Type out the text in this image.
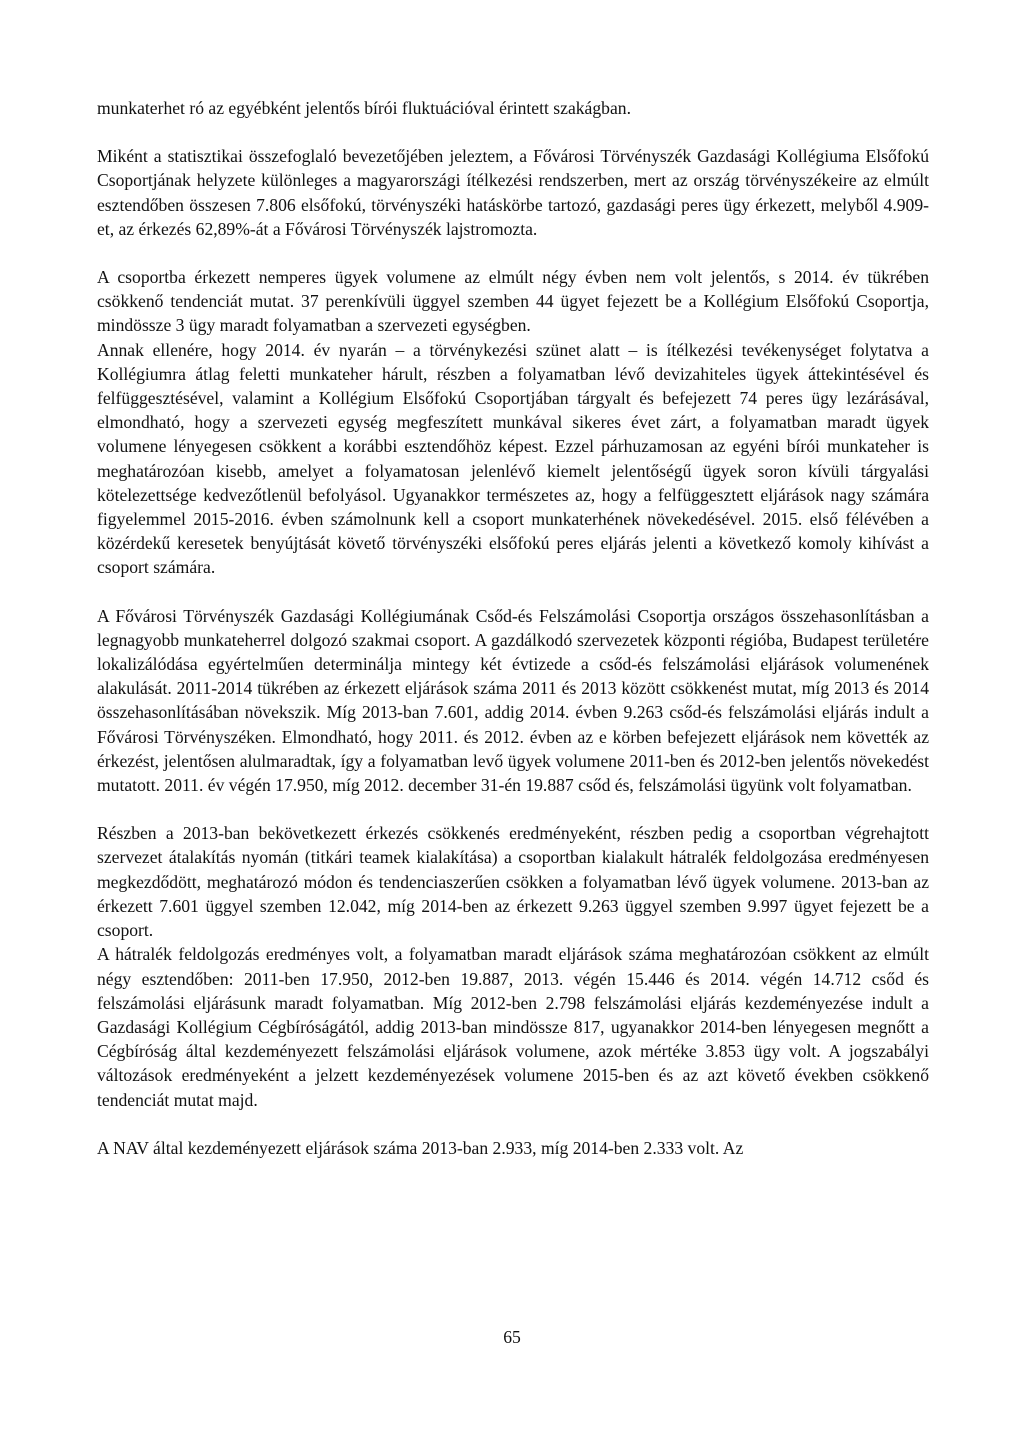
munkaterhet ró az egyébként jelentős bírói fluktuációval érintett szakágban.

Miként a statisztikai összefoglaló bevezetőjében jeleztem, a Fővárosi Törvényszék Gazdasági Kollégiuma Elsőfokú Csoportjának helyzete különleges a magyarországi ítélkezési rendszerben, mert az ország törvényszékeire az elmúlt esztendőben összesen 7.806 elsőfokú, törvényszéki hatáskörbe tartozó, gazdasági peres ügy érkezett, melyből 4.909-et, az érkezés 62,89%-át a Fővárosi Törvényszék lajstromozta.

A csoportba érkezett nemperes ügyek volumene az elmúlt négy évben nem volt jelentős, s 2014. év tükrében csökkenő tendenciát mutat. 37 perenkívüli üggyel szemben 44 ügyet fejezett be a Kollégium Elsőfokú Csoportja, mindössze 3 ügy maradt folyamatban a szervezeti egységben.

Annak ellenére, hogy 2014. év nyarán – a törvénykezési szünet alatt – is ítélkezési tevékenységet folytatva a Kollégiumra átlag feletti munkateher hárult, részben a folyamatban lévő devizahiteles ügyek áttekintésével és felfüggesztésével, valamint a Kollégium Elsőfokú Csoportjában tárgyalt és befejezett 74 peres ügy lezárásával, elmondható, hogy a szervezeti egység megfeszített munkával sikeres évet zárt, a folyamatban maradt ügyek volumene lényegesen csökkent a korábbi esztendőhöz képest. Ezzel párhuzamosan az egyéni bírói munkateher is meghatározóan kisebb, amelyet a folyamatosan jelenlévő kiemelt jelentőségű ügyek soron kívüli tárgyalási kötelezettsége kedvezőtlenül befolyásol. Ugyanakkor természetes az, hogy a felfüggesztett eljárások nagy számára figyelemmel 2015-2016. évben számolnunk kell a csoport munkaterhének növekedésével. 2015. első félévében a közérdekű keresetek benyújtását követő törvényszéki elsőfokú peres eljárás jelenti a következő komoly kihívást a csoport számára.

A Fővárosi Törvényszék Gazdasági Kollégiumának Csőd-és Felszámolási Csoportja országos összehasonlításban a legnagyobb munkateherrel dolgozó szakmai csoport. A gazdálkodó szervezetek központi régióba, Budapest területére lokalizálódása egyértelműen determinálja mintegy két évtizede a csőd-és felszámolási eljárások volumenének alakulását. 2011-2014 tükrében az érkezett eljárások száma 2011 és 2013 között csökkenést mutat, míg 2013 és 2014 összehasonlításában növekszik. Míg 2013-ban 7.601, addig 2014. évben 9.263 csőd-és felszámolási eljárás indult a Fővárosi Törvényszéken. Elmondható, hogy 2011. és 2012. évben az e körben befejezett eljárások nem követték az érkezést, jelentősen alulmaradtak, így a folyamatban levő ügyek volumene 2011-ben és 2012-ben jelentős növekedést mutatott. 2011. év végén 17.950, míg 2012. december 31-én 19.887 csőd és, felszámolási ügyünk volt folyamatban.

Részben a 2013-ban bekövetkezett érkezés csökkenés eredményeként, részben pedig a csoportban végrehajtott szervezet átalakítás nyomán (titkári teamek kialakítása) a csoportban kialakult hátralék feldolgozása eredményesen megkezdődött, meghatározó módon és tendenciaszerűen csökken a folyamatban lévő ügyek volumene. 2013-ban az érkezett 7.601 üggyel szemben 12.042, míg 2014-ben az érkezett 9.263 üggyel szemben 9.997 ügyet fejezett be a csoport.

A hátralék feldolgozás eredményes volt, a folyamatban maradt eljárások száma meghatározóan csökkent az elmúlt négy esztendőben: 2011-ben 17.950, 2012-ben 19.887, 2013. végén 15.446 és 2014. végén 14.712 csőd és felszámolási eljárásunk maradt folyamatban. Míg 2012-ben 2.798 felszámolási eljárás kezdeményezése indult a Gazdasági Kollégium Cégbíróságától, addig 2013-ban mindössze 817, ugyanakkor 2014-ben lényegesen megnőtt a Cégbíróság által kezdeményezett felszámolási eljárások volumene, azok mértéke 3.853 ügy volt. A jogszabályi változások eredményeként a jelzett kezdeményezések volumene 2015-ben és az azt követő években csökkenő tendenciát mutat majd.

A NAV által kezdeményezett eljárások száma 2013-ban 2.933, míg 2014-ben 2.333 volt. Az

65
